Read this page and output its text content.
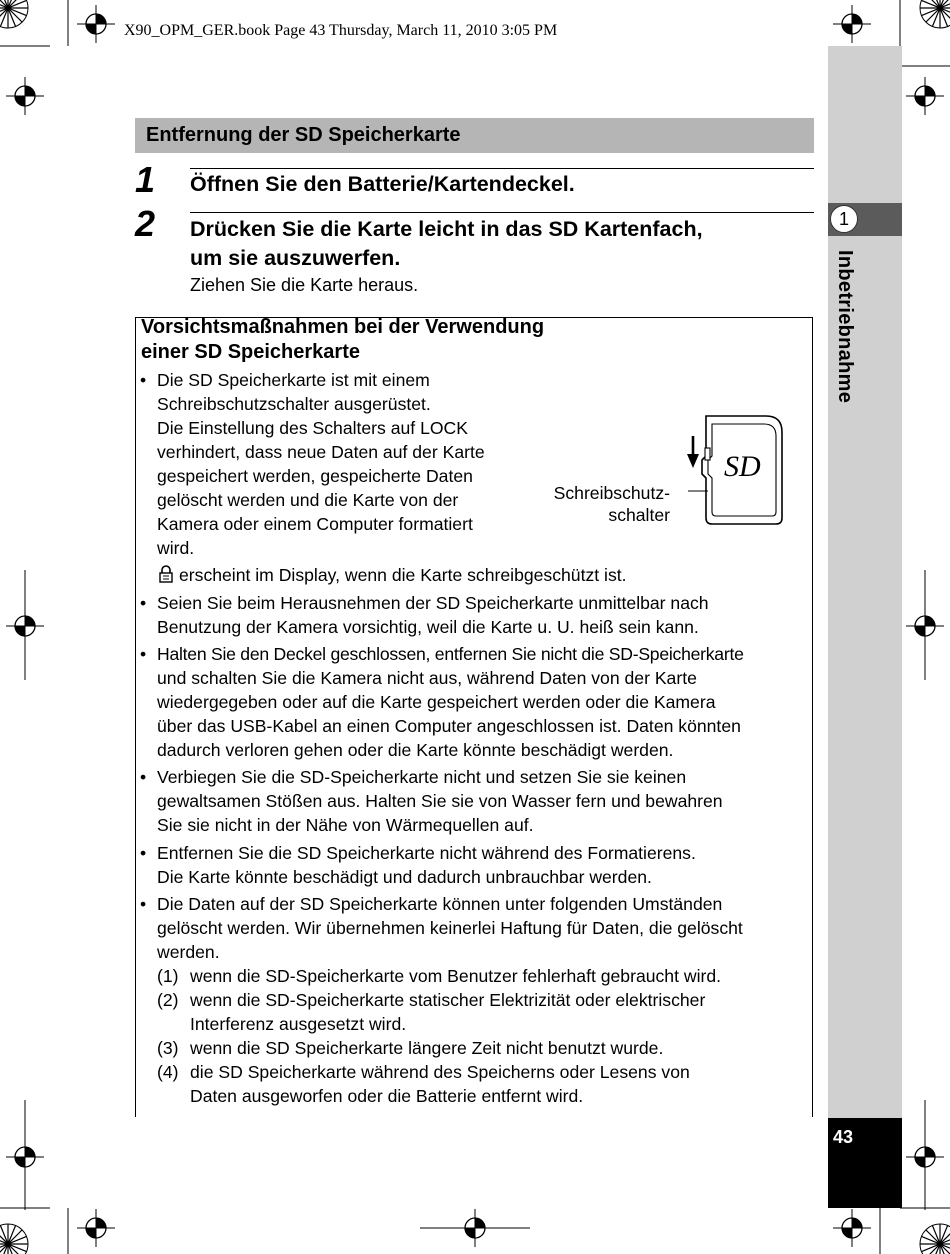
X90_OPM_GER.book Page 43 Thursday, March 11, 2010 3:05 PM
1
Inbetriebnahme
43
Entfernung der SD Speicherkarte
1 Öffnen Sie den Batterie/Kartendeckel.
2 Drücken Sie die Karte leicht in das SD Kartenfach,
um sie auszuwerfen.
Ziehen Sie die Karte heraus.
Vorsichtsmaßnahmen bei der Verwendung
einer SD Speicherkarte
• Die SD Speicherkarte ist mit einem
Schreibschutzschalter ausgerüstet.
Die Einstellung des Schalters auf LOCK
verhindert, dass neue Daten auf der Karte
gespeichert werden, gespeicherte Daten
gelöscht werden und die Karte von der
Kamera oder einem Computer formatiert
wird.
erscheint im Display, wenn die Karte schreibgeschützt ist.
SD
Schreibschutz-
schalter
• Seien Sie beim Herausnehmen der SD Speicherkarte unmittelbar nach
Benutzung der Kamera vorsichtig, weil die Karte u. U. heiß sein kann.
• Halten Sie den Deckel geschlossen, entfernen Sie nicht die SD-Speicherkarte
und schalten Sie die Kamera nicht aus, während Daten von der Karte
wiedergegeben oder auf die Karte gespeichert werden oder die Kamera
über das USB-Kabel an einen Computer angeschlossen ist. Daten könnten
dadurch verloren gehen oder die Karte könnte beschädigt werden.
• Verbiegen Sie die SD-Speicherkarte nicht und setzen Sie sie keinen
gewaltsamen Stößen aus. Halten Sie sie von Wasser fern und bewahren
Sie sie nicht in der Nähe von Wärmequellen auf.
• Entfernen Sie die SD Speicherkarte nicht während des Formatierens.
Die Karte könnte beschädigt und dadurch unbrauchbar werden.
• Die Daten auf der SD Speicherkarte können unter folgenden Umständen
gelöscht werden. Wir übernehmen keinerlei Haftung für Daten, die gelöscht
werden.
(1) wenn die SD-Speicherkarte vom Benutzer fehlerhaft gebraucht wird.
(2) wenn die SD-Speicherkarte statischer Elektrizität oder elektrischer
Interferenz ausgesetzt wird.
(3) wenn die SD Speicherkarte längere Zeit nicht benutzt wurde.
(4) die SD Speicherkarte während des Speicherns oder Lesens von
Daten ausgeworfen oder die Batterie entfernt wird.
